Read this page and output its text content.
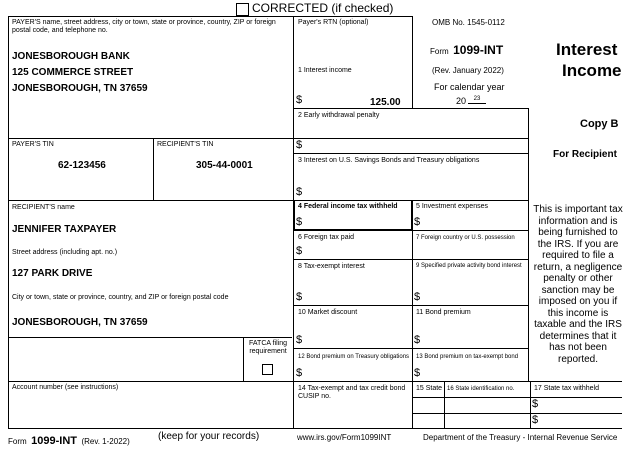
CORRECTED (if checked)
PAYER'S name, street address, city or town, state or province, country, ZIP or foreign postal code, and telephone no.
JONESBOROUGH BANK
125 COMMERCE STREET
JONESBOROUGH, TN 37659
PAYER'S TIN
62-123456
RECIPIENT'S TIN
305-44-0001
RECIPIENT'S name
JENNIFER TAXPAYER
Street address (including apt. no.)
127 PARK DRIVE
City or town, state or province, country, and ZIP or foreign postal code
JONESBOROUGH, TN 37659
FATCA filing requirement
Account number (see instructions)
Payer's RTN (optional)
1 Interest income
$	125.00
2 Early withdrawal penalty
$
3 Interest on U.S. Savings Bonds and Treasury obligations
$
4 Federal income tax withheld
$
5 Investment expenses
$
6 Foreign tax paid
$
7 Foreign country or U.S. possession
8 Tax-exempt interest
$
9 Specified private activity bond interest
$
10 Market discount
$
11 Bond premium
$
12 Bond premium on Treasury obligations
$
13 Bond premium on tax-exempt bond
$
14 Tax-exempt and tax credit bond CUSIP no.
15 State 16 State identification no.	17 State tax withheld
$
$
OMB No. 1545-0112
Form 1099-INT
(Rev. January 2022)
For calendar year
20	23
Interest
Income
Copy B
For Recipient
This is important tax information and is being furnished to the IRS. If you are required to file a return, a negligence penalty or other sanction may be imposed on you if this income is taxable and the IRS determines that it has not been reported.
Form 1099-INT (Rev. 1-2022)	(keep for your records)	www.irs.gov/Form1099INT	Department of the Treasury - Internal Revenue Service
